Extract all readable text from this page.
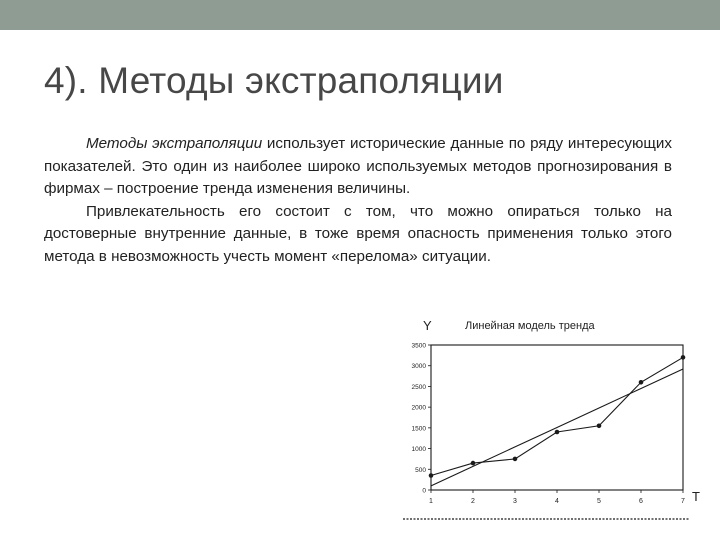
4). Методы экстраполяции

Методы экстраполяции использует исторические данные по ряду интересующих показателей. Это один из наиболее широко используемых методов прогнозирования в фирмах – построение тренда изменения величины.

Привлекательность его состоит с том, что можно опираться только на достоверные внутренние данные, в тоже время опасность применения только этого метода в невозможность учесть момент «перелома» ситуации.

Линейная модель тренда
Y
T
0
500
1000
1500
2000
2500
3000
3500
1	2	3	4	5	6	7
